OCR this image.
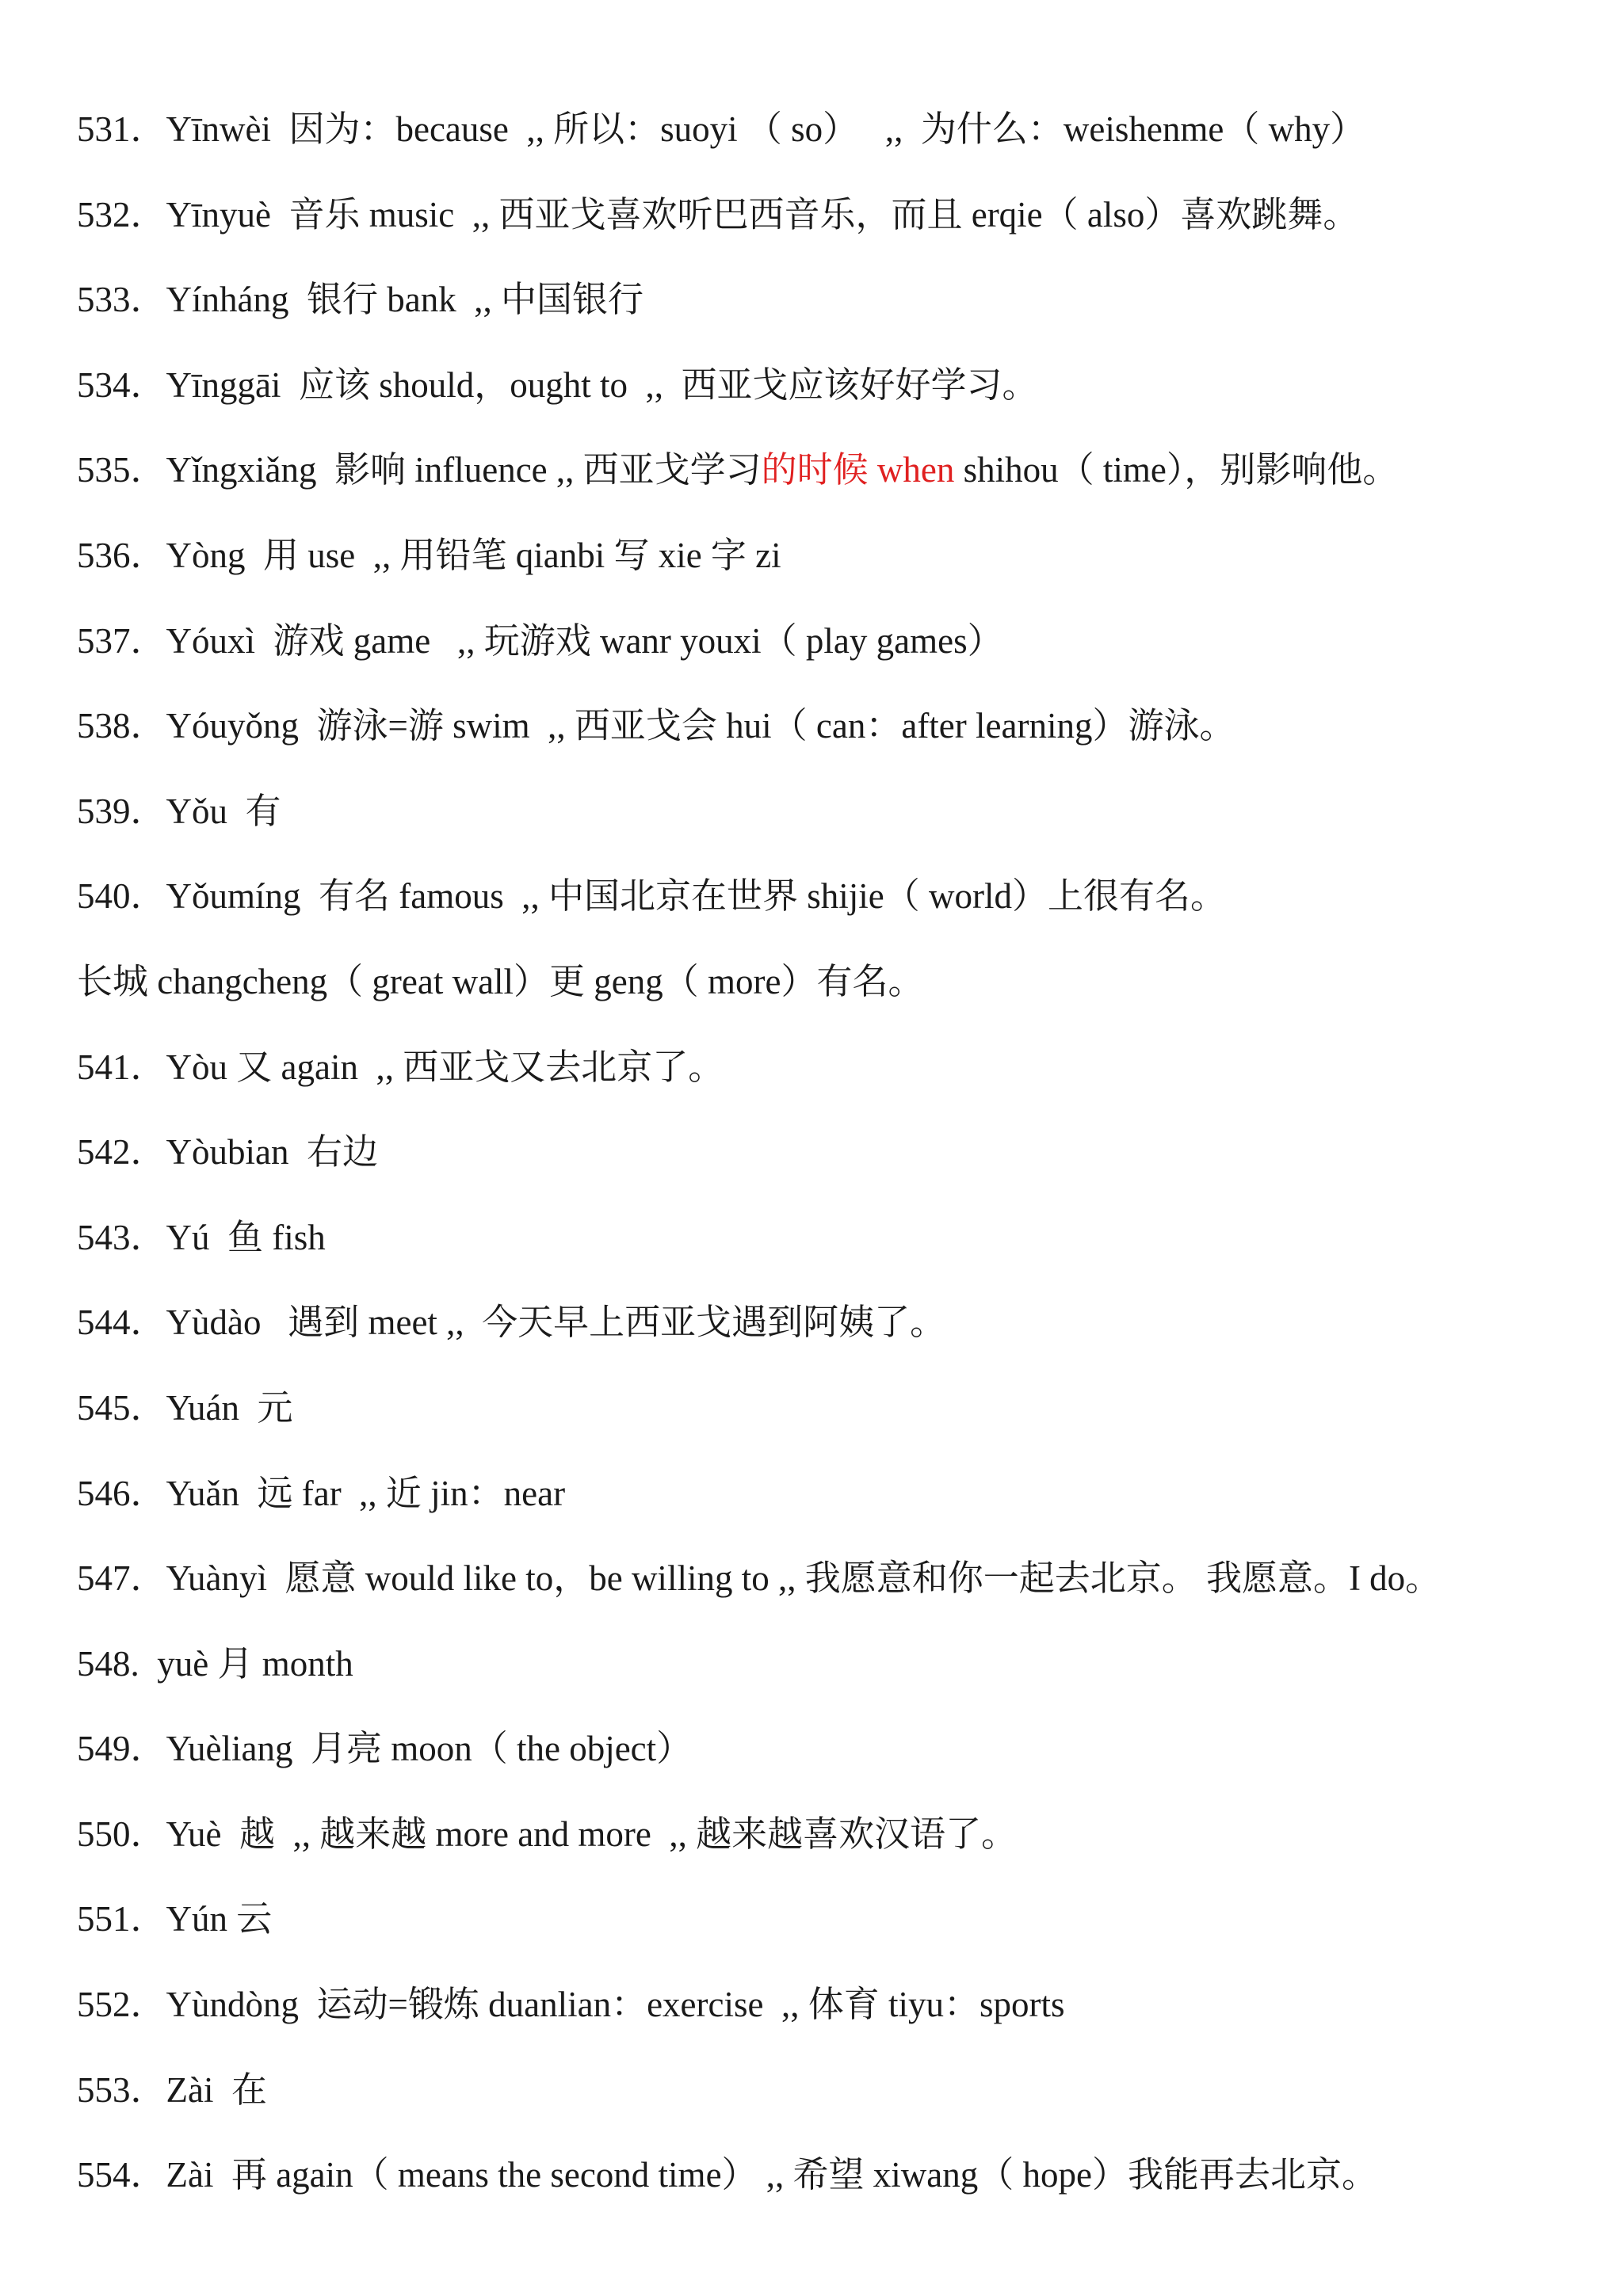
531．Yīnwèi  因为：because  ,, 所以：suoyi （ so）   ,,  为什么：weishenme（ why）
532．Yīnyuè  音乐 music  ,, 西亚戈喜欢听巴西音乐，而且 erqie（ also）喜欢跳舞。
533．Yínháng  银行 bank  ,, 中国银行
534．Yīnggāi  应该 should，ought to  ,,  西亚戈应该好好学习。
535．Yǐngxiǎng  影响 influence ,, 西亚戈学习的时候 when shihou（ time），别影响他。
536．Yòng  用 use  ,, 用铅笔 qianbi 写 xie 字 zi
537．Yóuxì  游戏 game   ,, 玩游戏 wanr youxi（ play games）
538．Yóuyǒng  游泳=游 swim  ,, 西亚戈会 hui（ can：after learning）游泳。
539．Yǒu  有
540．Yǒumíng  有名 famous  ,, 中国北京在世界 shijie（ world）上很有名。
长城 changcheng（ great wall）更 geng（ more）有名。
541．Yòu 又 again  ,, 西亚戈又去北京了。
542．Yòubian  右边
543．Yú  鱼 fish
544．Yùdào   遇到 meet ,,  今天早上西亚戈遇到阿姨了。
545．Yuán  元
546．Yuǎn  远 far  ,, 近 jin：near
547．Yuànyì  愿意 would like to，be willing to ,, 我愿意和你一起去北京。 我愿意。I do。
548.  yuè 月 month
549．Yuèliang  月亮 moon（ the object）
550．Yuè  越  ,, 越来越 more and more  ,, 越来越喜欢汉语了。
551．Yún 云
552．Yùndòng  运动=锻炼 duanlian：exercise  ,, 体育 tiyu：sports
553．Zài  在
554．Zài  再 again（ means the second time） ,, 希望 xiwang（ hope）我能再去北京。
